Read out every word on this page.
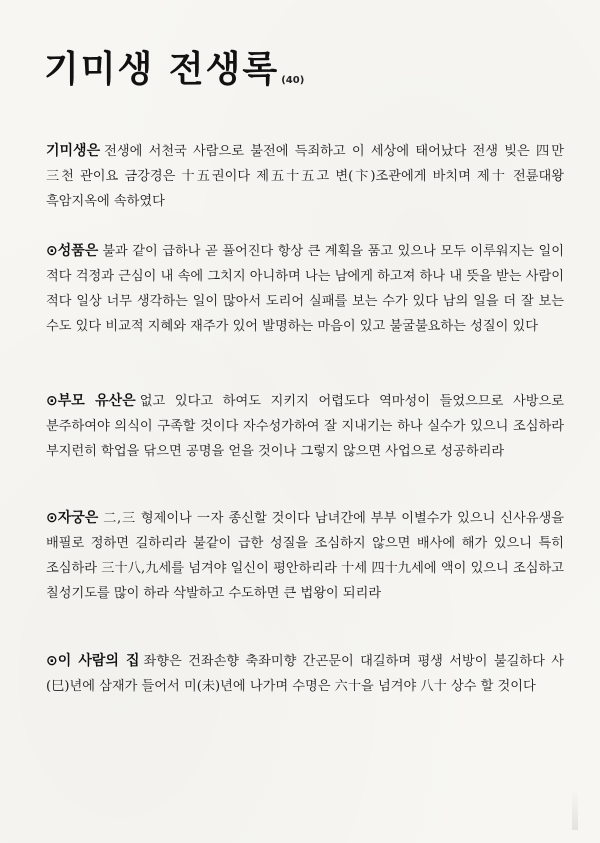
기미생 전생록 (40)

기미생은 전생에 서천국 사람으로 불전에 득죄하고 이 세상에 태어났다 전생 빚은 四만 三천 관이요 금강경은 十五권이다 제五十五고 변(卞)조관에게 바치며 제十 전륜대왕 흑암지옥에 속하였다

⊙성품은 불과 같이 급하나 곧 풀어진다 항상 큰 계획을 품고 있으나 모두 이루워지는 일이 적다 걱정과 근심이 내 속에 그치지 아니하며 나는 남에게 하고져 하나 내 뜻을 받는 사람이 적다 일상 너무 생각하는 일이 많아서 도리어 실패를 보는 수가 있다 남의 일을 더 잘 보는 수도 있다 비교적 지혜와 재주가 있어 발명하는 마음이 있고 불굴불요하는 성질이 있다

⊙부모 유산은 없고 있다고 하여도 지키지 어렵도다 역마성이 들었으므로 사방으로 분주하여야 의식이 구족할 것이다 자수성가하여 잘 지내기는 하나 실수가 있으니 조심하라 부지런히 학업을 닦으면 공명을 얻을 것이나 그렇지 않으면 사업으로 성공하리라

⊙자궁은 二,三 형제이나 一자 종신할 것이다 남녀간에 부부 이별수가 있으니 신사유생을 배필로 정하면 길하리라 불같이 급한 성질을 조심하지 않으면 배사에 해가 있으니 특히 조심하라 三十八,九세를 넘겨야 일신이 평안하리라 十세 四十九세에 액이 있으니 조심하고 칠성기도를 많이 하라 삭발하고 수도하면 큰 법왕이 되리라

⊙이 사람의 집 좌향은 건좌손향 축좌미향 간곤문이 대길하며 평생 서방이 불길하다 사(巳)년에 삼재가 들어서 미(未)년에 나가며 수명은 六十을 넘겨야 八十 상수 할 것이다
